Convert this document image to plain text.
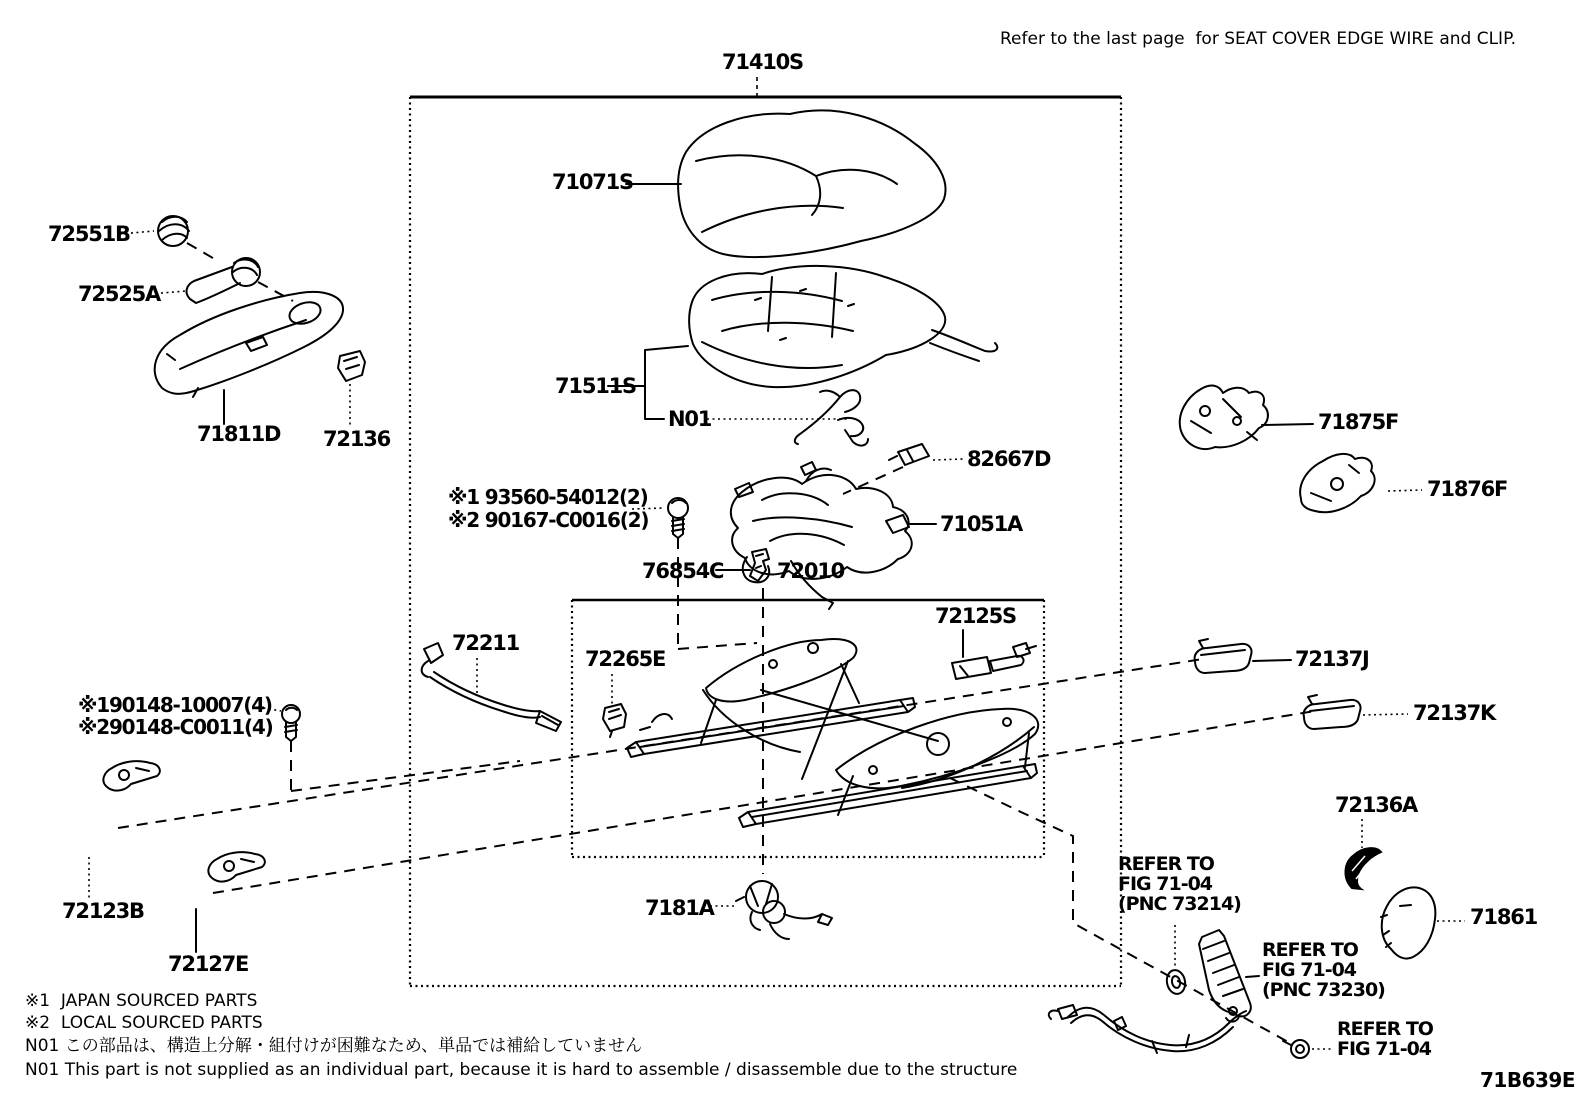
Refer to the last page  for SEAT COVER EDGE WIRE and CLIP.
71410S
71071S
72551B
72525A
71811D 72136
71511S
N01
82667D
※1 93560-54012(2)
※2 90167-C0016(2)	71051A
76854C	72010
72211
72265E
72125S
72137J
72137K
71875F
71876F
※190148-10007(4)
※290148-C0011(4)
72123B
72127E
7181A
72136A
71861
REFER TO
FIG 71-04
(PNC 73214)
REFER TO
FIG 71-04
(PNC 73230)
REFER TO
FIG 71-04
※1  JAPAN SOURCED PARTS
※2  LOCAL SOURCED PARTS
N01 この部品は、構造上分解・組付けが困難なため、単品では補給していません
N01 This part is not supplied as an individual part, because it is hard to assemble / disassemble due to the structure	71B639E
